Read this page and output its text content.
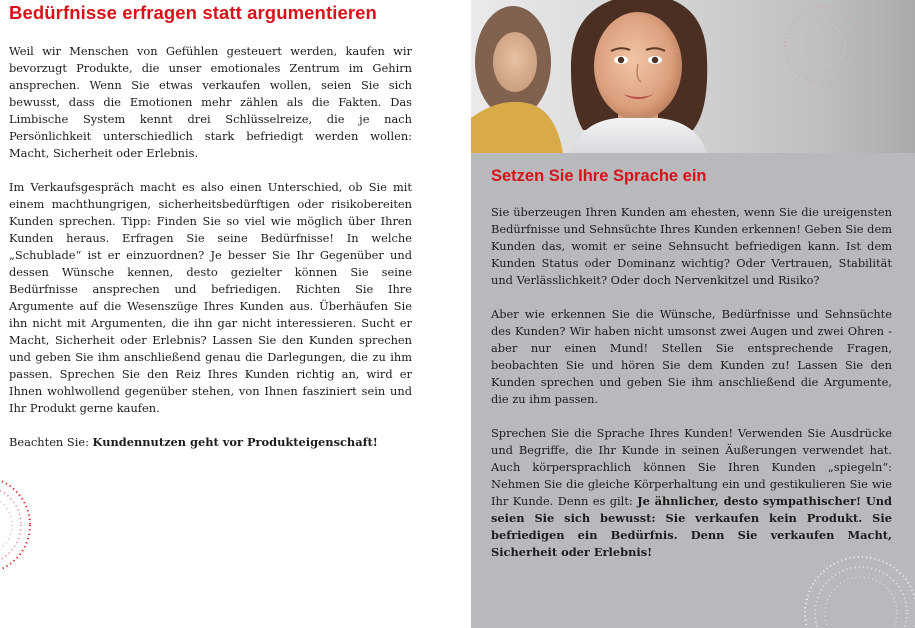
Bedürfnisse erfragen statt argumentieren

Weil wir Menschen von Gefühlen gesteuert werden, kaufen wir bevorzugt Produkte, die unser emotionales Zentrum im Gehirn ansprechen. Wenn Sie etwas verkaufen wollen, seien Sie sich bewusst, dass die Emotionen mehr zählen als die Fakten. Das Limbische System kennt drei Schlüsselreize, die je nach Persönlichkeit unterschiedlich stark befriedigt werden wollen: Macht, Sicherheit oder Erlebnis.

Im Verkaufsgespräch macht es also einen Unterschied, ob Sie mit einem machthungrigen, sicherheitsbedürftigen oder risikobereiten Kunden sprechen. Tipp: Finden Sie so viel wie möglich über Ihren Kunden heraus. Erfragen Sie seine Bedürfnisse! In welche „Schublade“ ist er einzuordnen? Je besser Sie Ihr Gegenüber und dessen Wünsche kennen, desto gezielter können Sie seine Bedürfnisse ansprechen und befriedigen. Richten Sie Ihre Argumente auf die Wesenszüge Ihres Kunden aus. Überhäufen Sie ihn nicht mit Argumenten, die ihn gar nicht interessieren. Sucht er Macht, Sicherheit oder Erlebnis? Lassen Sie den Kunden sprechen und geben Sie ihm anschließend genau die Darlegungen, die zu ihm passen. Sprechen Sie den Reiz Ihres Kunden richtig an, wird er Ihnen wohlwollend gegenüber stehen, von Ihnen fasziniert sein und Ihr Produkt gerne kaufen.

Beachten Sie: Kundennutzen geht vor Produkteigenschaft!

Setzen Sie Ihre Sprache ein

Sie überzeugen Ihren Kunden am ehesten, wenn Sie die ureigensten Bedürfnisse und Sehnsüchte Ihres Kunden erkennen! Geben Sie dem Kunden das, womit er seine Sehnsucht befriedigen kann. Ist dem Kunden Status oder Dominanz wichtig? Oder Vertrauen, Stabilität und Verlässlichkeit? Oder doch Nervenkitzel und Risiko?

Aber wie erkennen Sie die Wünsche, Bedürfnisse und Sehnsüchte des Kunden? Wir haben nicht umsonst zwei Augen und zwei Ohren - aber nur einen Mund! Stellen Sie entsprechende Fragen, beobachten Sie und hören Sie dem Kunden zu! Lassen Sie den Kunden sprechen und geben Sie ihm anschließend die Argumente, die zu ihm passen.

Sprechen Sie die Sprache Ihres Kunden! Verwenden Sie Ausdrücke und Begriffe, die Ihr Kunde in seinen Äußerungen verwendet hat. Auch körpersprachlich können Sie Ihren Kunden „spiegeln“: Nehmen Sie die gleiche Körperhaltung ein und gestikulieren Sie wie Ihr Kunde. Denn es gilt: Je ähnlicher, desto sympathischer! Und seien Sie sich bewusst: Sie verkaufen kein Produkt. Sie befriedigen ein Bedürfnis. Denn Sie verkaufen Macht, Sicherheit oder Erlebnis!
